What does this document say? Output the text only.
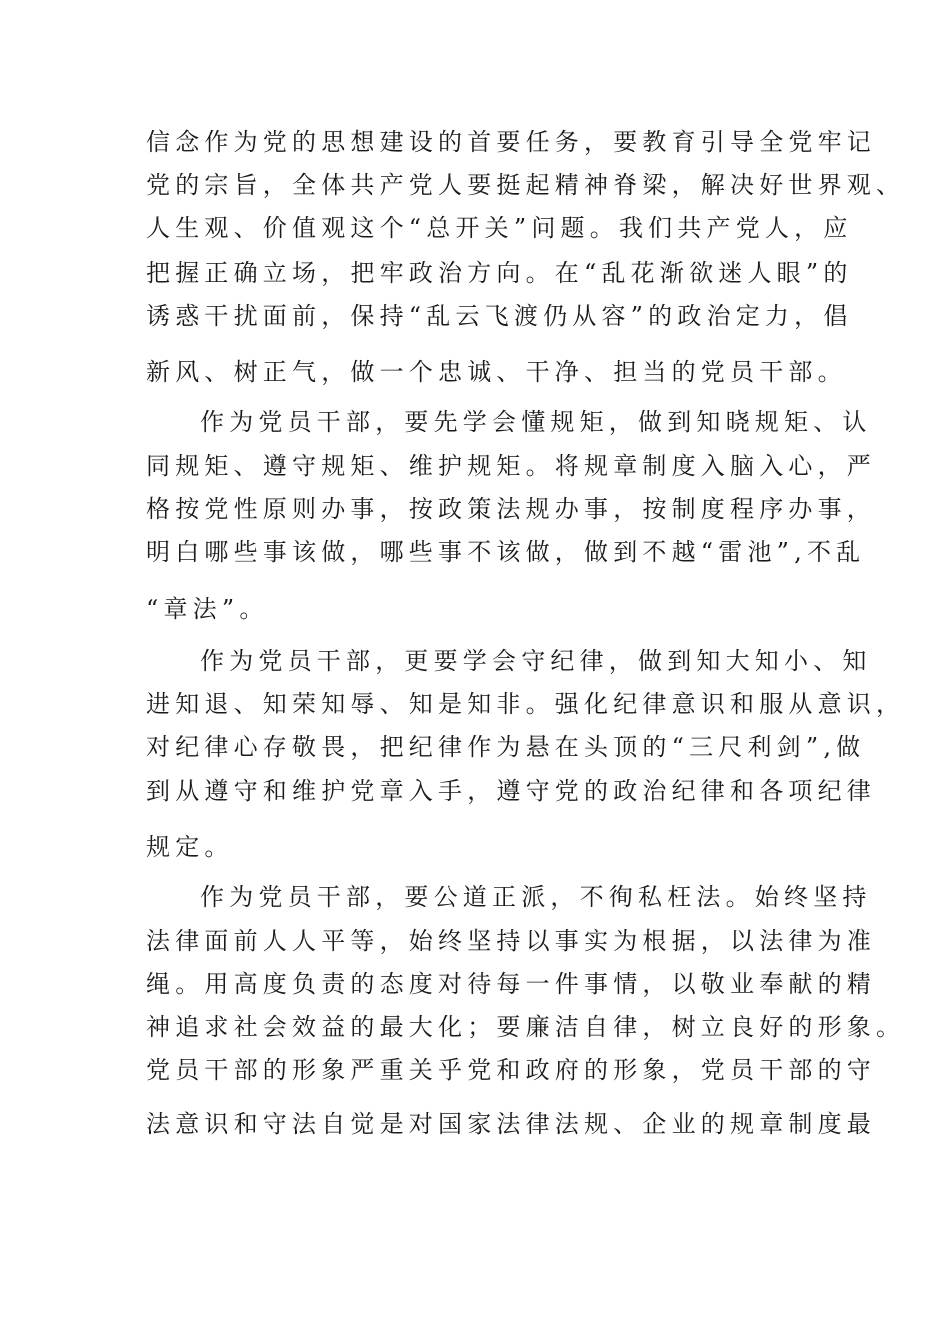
信念作为党的思想建设的首要任务，要教育引导全党牢记
党的宗旨，全体共产党人要挺起精神脊梁，解决好世界观、
人生观、价值观这个“总开关”问题。我们共产党人，应
把握正确立场，把牢政治方向。在“乱花渐欲迷人眼”的
诱惑干扰面前，保持“乱云飞渡仍从容”的政治定力，倡
新风、树正气，做一个忠诚、干净、担当的党员干部。
作为党员干部，要先学会懂规矩，做到知晓规矩、认
同规矩、遵守规矩、维护规矩。将规章制度入脑入心，严
格按党性原则办事，按政策法规办事，按制度程序办事，
明白哪些事该做，哪些事不该做，做到不越“雷池”,不乱
“章法”。
作为党员干部，更要学会守纪律，做到知大知小、知
进知退、知荣知辱、知是知非。强化纪律意识和服从意识，
对纪律心存敬畏，把纪律作为悬在头顶的“三尺利剑”,做
到从遵守和维护党章入手，遵守党的政治纪律和各项纪律
规定。
作为党员干部，要公道正派，不徇私枉法。始终坚持
法律面前人人平等，始终坚持以事实为根据，以法律为准
绳。用高度负责的态度对待每一件事情，以敬业奉献的精
神追求社会效益的最大化；要廉洁自律，树立良好的形象。
党员干部的形象严重关乎党和政府的形象，党员干部的守
法意识和守法自觉是对国家法律法规、企业的规章制度最
